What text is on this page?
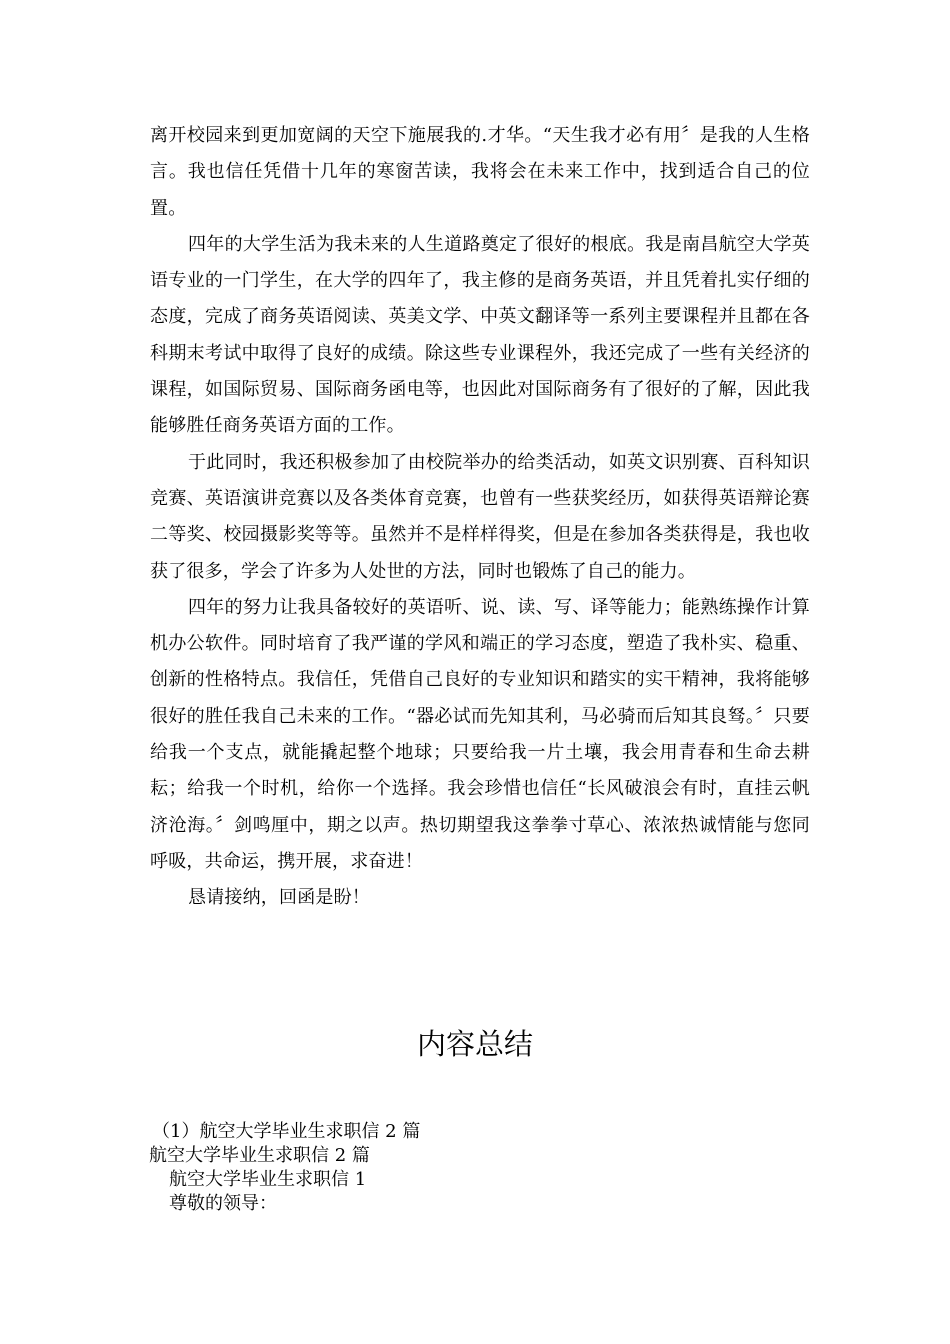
离开校园来到更加宽阔的天空下施展我的.才华。“天生我才必有用〞是我的人生格言。我也信任凭借十几年的寒窗苦读，我将会在未来工作中，找到适合自己的位置。

四年的大学生活为我未来的人生道路奠定了很好的根底。我是南昌航空大学英语专业的一门学生，在大学的四年了，我主修的是商务英语，并且凭着扎实仔细的态度，完成了商务英语阅读、英美文学、中英文翻译等一系列主要课程并且都在各科期末考试中取得了良好的成绩。除这些专业课程外，我还完成了一些有关经济的课程，如国际贸易、国际商务函电等，也因此对国际商务有了很好的了解，因此我能够胜任商务英语方面的工作。

于此同时，我还积极参加了由校院举办的给类活动，如英文识别赛、百科知识竞赛、英语演讲竞赛以及各类体育竞赛，也曾有一些获奖经历，如获得英语辩论赛二等奖、校园摄影奖等等。虽然并不是样样得奖，但是在参加各类获得是，我也收获了很多，学会了许多为人处世的方法，同时也锻炼了自己的能力。

四年的努力让我具备较好的英语听、说、读、写、译等能力；能熟练操作计算机办公软件。同时培育了我严谨的学风和端正的学习态度，塑造了我朴实、稳重、创新的性格特点。我信任，凭借自己良好的专业知识和踏实的实干精神，我将能够很好的胜任我自己未来的工作。“器必试而先知其利，马必骑而后知其良驽。〞只要给我一个支点，就能撬起整个地球；只要给我一片土壤，我会用青春和生命去耕耘；给我一个时机，给你一个选择。我会珍惜也信任“长风破浪会有时，直挂云帆济沧海。〞剑鸣厘中，期之以声。热切期望我这拳拳寸草心、浓浓热诚情能与您同呼吸，共命运，携开展，求奋进！

恳请接纳，回函是盼！

内容总结
（1）航空大学毕业生求职信 2 篇
航空大学毕业生求职信 2 篇
航空大学毕业生求职信 1
尊敬的领导：
